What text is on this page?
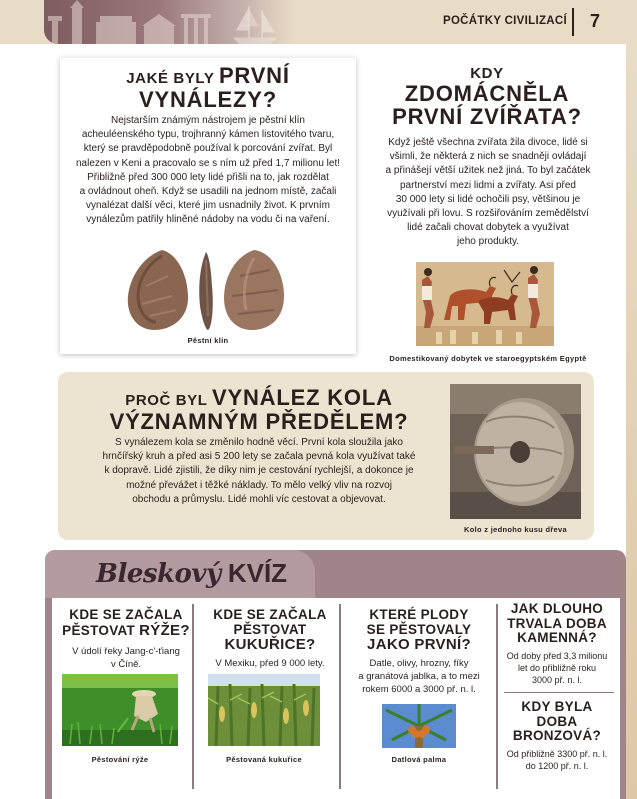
POČÁTKY CIVILIZACÍ 7
JAKÉ BYLY PRVNÍ
VYNÁLEZY?
Nejstarším známým nástrojem je pěstní klín
acheuléenského typu, trojhranný kámen listovitého tvaru,
který se pravděpodobně používal k porcování zvířat. Byl
nalezen v Keni a pracovalo se s ním už před 1,7 milionu let!
Přibližně před 300 000 lety lidé přišli na to, jak rozdělat
a ovládnout oheň. Když se usadili na jednom místě, začali
vynalézat další věci, které jim usnadnily život. K prvním
vynálezům patřily hliněné nádoby na vodu či na vaření.
Pěstní klín
KDY
ZDOMÁCNĚLA
PRVNÍ ZVÍŘATA?
Když ještě všechna zvířata žila divoce, lidé si
všimli, že některá z nich se snadněji ovládají
a přinášejí větší užitek než jiná. To byl začátek
partnerství mezi lidmi a zvířaty. Asi před
30 000 lety si lidé ochočili psy, většinou je
využívali při lovu. S rozšiřováním zemědělství
lidé začali chovat dobytek a využívat
jeho produkty.
Domestikovaný dobytek ve staroegyptském Egyptě
PROČ BYL VYNÁLEZ KOLA
VÝZNAMNÝM PŘEDĚLEM?
S vynálezem kola se změnilo hodně věcí. První kola sloužila jako
hrnčířský kruh a před asi 5 200 lety se začala pevná kola využívat také
k dopravě. Lidé zjistili, že díky nim je cestování rychlejší, a dokonce je
možné převážet i těžké náklady. To mělo velký vliv na rozvoj
obchodu a průmyslu. Lidé mohli víc cestovat a objevovat.
Kolo z jednoho kusu dřeva
Bleskový KVÍZ
KDE SE ZAČALA
PĚSTOVAT RÝŽE?
V údolí řeky Jang-c'-ťiang
v Číně.
Pěstování rýže
KDE SE ZAČALA
PĚSTOVAT
KUKUŘICE?
V Mexiku, před 9 000 lety.
Pěstovaná kukuřice
KTERÉ PLODY
SE PĚSTOVALY
JAKO PRVNÍ?
Datle, olivy, hrozny, fíky
a granátová jablka, a to mezi
rokem 6000 a 3000 př. n. l.
Datlová palma
JAK DLOUHO
TRVALA DOBA
KAMENNÁ?
Od doby před 3,3 milionu
let do přibližně roku
3000 př. n. l.
KDY BYLA DOBA
BRONZOVÁ?
Od přibližně 3300 př. n. l.
do 1200 př. n. l.
